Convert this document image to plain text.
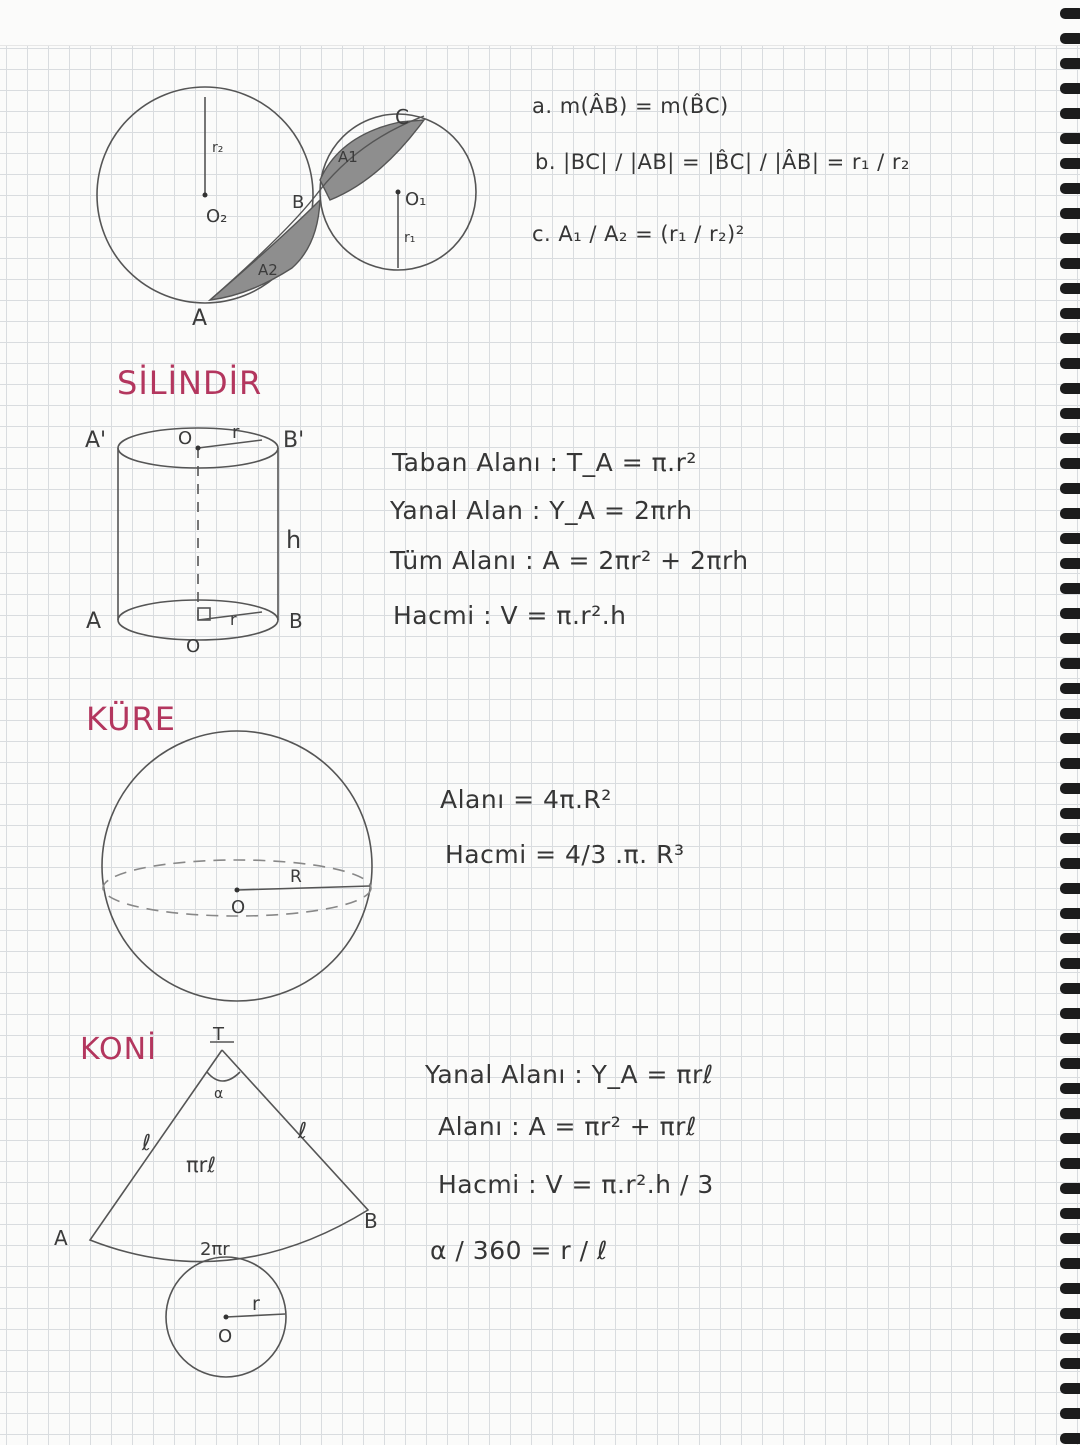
A
B
C
O₁
O₂
r₁
r₂	A1
A2
A'	B'
O r
h
A	B
O
r
R
O
T
α
ℓ	ℓ
πrℓ
2πr
A
B
r
O
SİLİNDİR
KÜRE
KONİ
a. m(ÂB) = m(B̂C)
b. |BC| / |AB| = |B̂C| / |ÂB| = r₁ / r₂
c. A₁ / A₂ = (r₁ / r₂)²
Taban Alanı : T_A = π.r²
Yanal Alan : Y_A = 2πrh
Tüm Alanı : A = 2πr² + 2πrh
Hacmi : V = π.r².h
Alanı = 4π.R²
Hacmi = 4/3 .π. R³
Yanal Alanı : Y_A = πrℓ
Alanı : A = πr² + πrℓ
Hacmi : V = π.r².h / 3
α / 360 = r / ℓ
